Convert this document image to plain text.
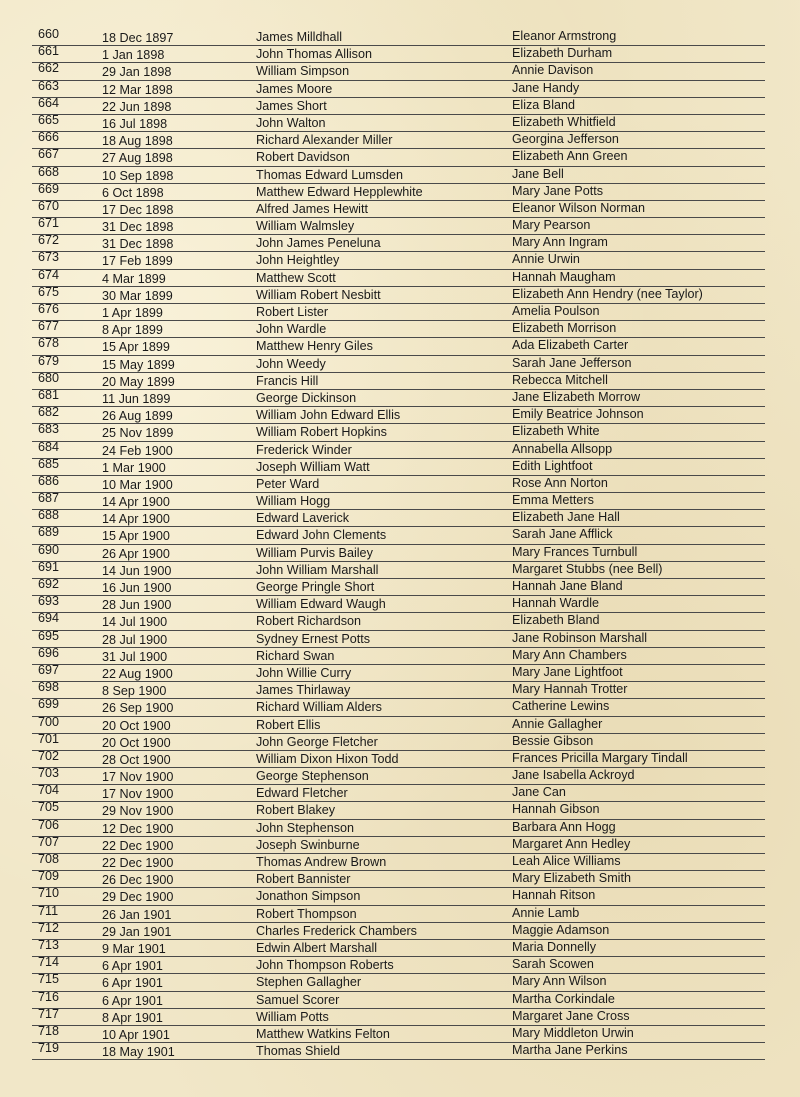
660	18 Dec 1897	James Milldhall	Eleanor Armstrong
661	1 Jan 1898	John Thomas Allison	Elizabeth Durham
662	29 Jan 1898	William Simpson	Annie Davison
663	12 Mar 1898	James Moore	Jane Handy
664	22 Jun 1898	James Short	Eliza Bland
665	16 Jul 1898	John Walton	Elizabeth Whitfield
666	18 Aug 1898	Richard Alexander Miller	Georgina Jefferson
667	27 Aug 1898	Robert Davidson	Elizabeth Ann Green
668	10 Sep 1898	Thomas Edward Lumsden	Jane Bell
669	6 Oct 1898	Matthew Edward Hepplewhite	Mary Jane Potts
670	17 Dec 1898	Alfred James Hewitt	Eleanor Wilson Norman
671	31 Dec 1898	William Walmsley	Mary Pearson
672	31 Dec 1898	John James Peneluna	Mary Ann Ingram
673	17 Feb 1899	John Heightley	Annie Urwin
674	4 Mar 1899	Matthew Scott	Hannah Maugham
675	30 Mar 1899	William Robert Nesbitt	Elizabeth Ann Hendry (nee Taylor)
676	1 Apr 1899	Robert Lister	Amelia Poulson
677	8 Apr 1899	John Wardle	Elizabeth Morrison
678	15 Apr 1899	Matthew Henry Giles	Ada Elizabeth Carter
679	15 May 1899	John Weedy	Sarah Jane Jefferson
680	20 May 1899	Francis Hill	Rebecca Mitchell
681	11 Jun 1899	George Dickinson	Jane Elizabeth Morrow
682	26 Aug 1899	William John Edward Ellis	Emily Beatrice Johnson
683	25 Nov 1899	William Robert Hopkins	Elizabeth White
684	24 Feb 1900	Frederick Winder	Annabella Allsopp
685	1 Mar 1900	Joseph William Watt	Edith Lightfoot
686	10 Mar 1900	Peter Ward	Rose Ann Norton
687	14 Apr 1900	William Hogg	Emma Metters
688	14 Apr 1900	Edward Laverick	Elizabeth Jane Hall
689	15 Apr 1900	Edward John Clements	Sarah Jane Afflick
690	26 Apr 1900	William Purvis Bailey	Mary Frances Turnbull
691	14 Jun 1900	John William Marshall	Margaret Stubbs (nee Bell)
692	16 Jun 1900	George Pringle Short	Hannah Jane Bland
693	28 Jun 1900	William Edward Waugh	Hannah Wardle
694	14 Jul 1900	Robert Richardson	Elizabeth Bland
695	28 Jul 1900	Sydney Ernest Potts	Jane Robinson Marshall
696	31 Jul 1900	Richard Swan	Mary Ann Chambers
697	22 Aug 1900	John Willie Curry	Mary Jane Lightfoot
698	8 Sep 1900	James Thirlaway	Mary Hannah Trotter
699	26 Sep 1900	Richard William Alders	Catherine Lewins
700	20 Oct 1900	Robert Ellis	Annie Gallagher
701	20 Oct 1900	John George Fletcher	Bessie Gibson
702	28 Oct 1900	William Dixon Hixon Todd	Frances Pricilla Margary Tindall
703	17 Nov 1900	George Stephenson	Jane Isabella Ackroyd
704	17 Nov 1900	Edward Fletcher	Jane Can
705	29 Nov 1900	Robert Blakey	Hannah Gibson
706	12 Dec 1900	John Stephenson	Barbara Ann Hogg
707	22 Dec 1900	Joseph Swinburne	Margaret Ann Hedley
708	22 Dec 1900	Thomas Andrew Brown	Leah Alice Williams
709	26 Dec 1900	Robert Bannister	Mary Elizabeth Smith
710	29 Dec 1900	Jonathon Simpson	Hannah Ritson
711	26 Jan 1901	Robert Thompson	Annie Lamb
712	29 Jan 1901	Charles Frederick Chambers	Maggie Adamson
713	9 Mar 1901	Edwin Albert Marshall	Maria Donnelly
714	6 Apr 1901	John Thompson Roberts	Sarah Scowen
715	6 Apr 1901	Stephen Gallagher	Mary Ann Wilson
716	6 Apr 1901	Samuel Scorer	Martha Corkindale
717	8 Apr 1901	William Potts	Margaret Jane Cross
718	10 Apr 1901	Matthew Watkins Felton	Mary Middleton Urwin
719	18 May 1901	Thomas Shield	Martha Jane Perkins
